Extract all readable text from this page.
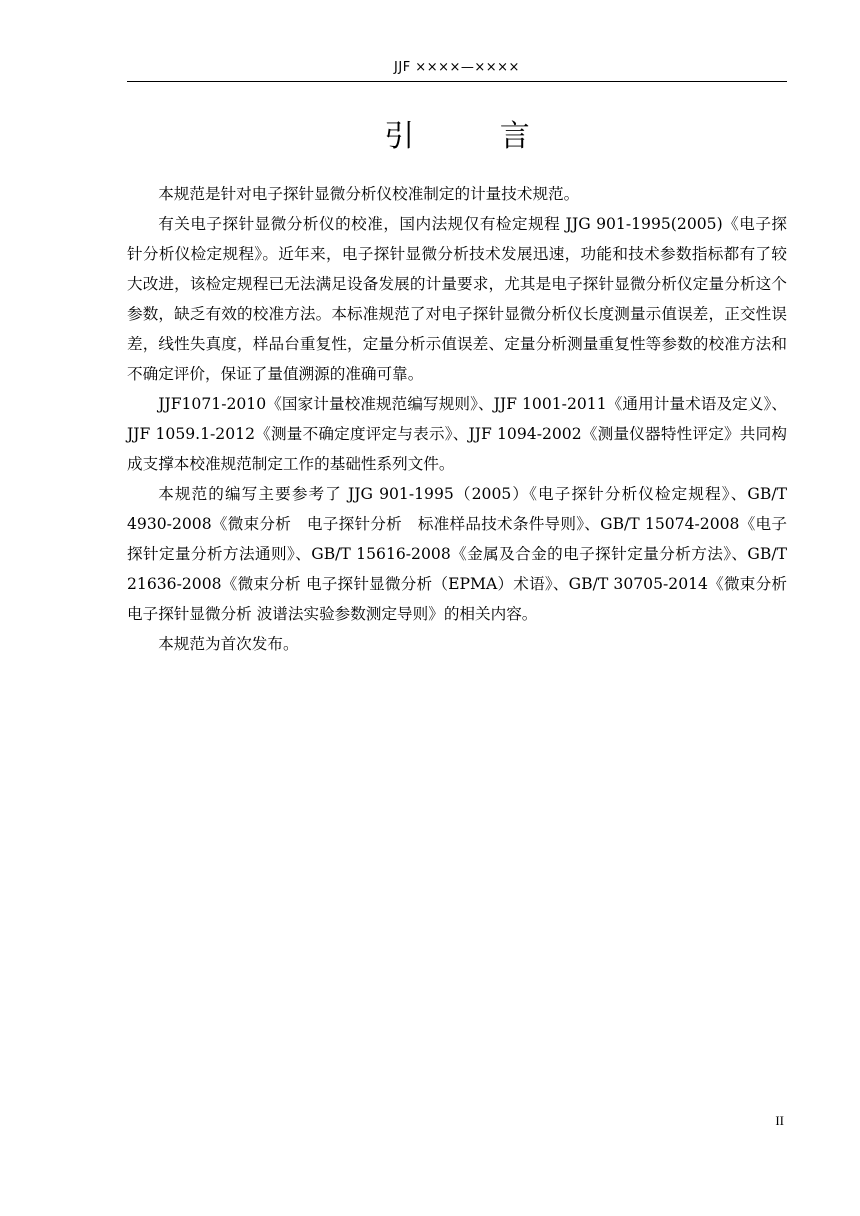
JJF ××××—××××
引 言

本规范是针对电子探针显微分析仪校准制定的计量技术规范。

有关电子探针显微分析仪的校准，国内法规仅有检定规程 JJG 901-1995(2005)《电子探针分析仪检定规程》。近年来，电子探针显微分析技术发展迅速，功能和技术参数指标都有了较大改进，该检定规程已无法满足设备发展的计量要求，尤其是电子探针显微分析仪定量分析这个参数，缺乏有效的校准方法。本标准规范了对电子探针显微分析仪长度测量示值误差，正交性误差，线性失真度，样品台重复性，定量分析示值误差、定量分析测量重复性等参数的校准方法和不确定评价，保证了量值溯源的准确可靠。

JJF1071-2010《国家计量校准规范编写规则》、JJF 1001-2011《通用计量术语及定义》、JJF 1059.1-2012《测量不确定度评定与表示》、JJF 1094-2002《测量仪器特性评定》共同构成支撑本校准规范制定工作的基础性系列文件。

本规范的编写主要参考了 JJG 901-1995（2005）《电子探针分析仪检定规程》、GB/T 4930-2008《微束分析　电子探针分析　标准样品技术条件导则》、GB/T 15074-2008《电子探针定量分析方法通则》、GB/T 15616-2008《金属及合金的电子探针定量分析方法》、GB/T 21636-2008《微束分析 电子探针显微分析（EPMA）术语》、GB/T 30705-2014《微束分析 电子探针显微分析 波谱法实验参数测定导则》的相关内容。

本规范为首次发布。

II
